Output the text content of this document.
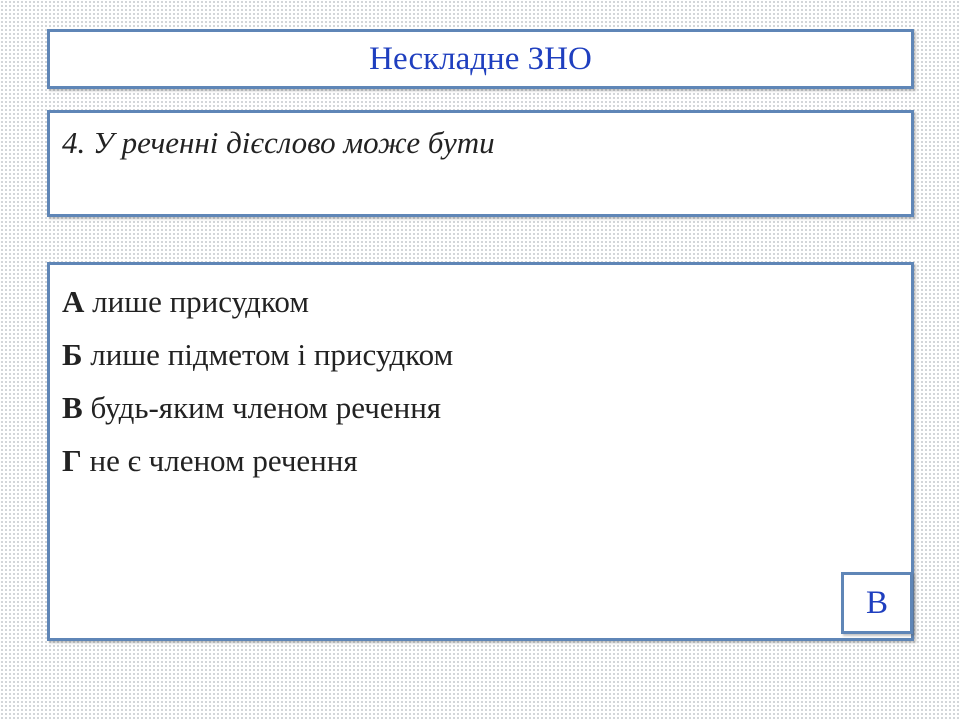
Нескладне ЗНО
4. У реченні дієслово може бути
А лише присудком
Б лише підметом і присудком
В будь-яким членом речення
Г не є членом речення
В
